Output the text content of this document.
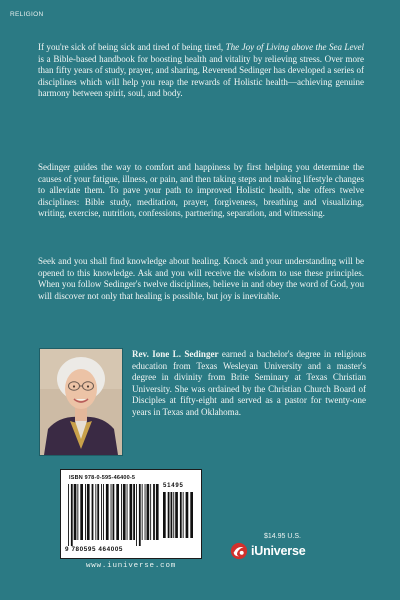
RELIGION

If you're sick of being sick and tired of being tired, The Joy of Living above the Sea Level is a Bible-based handbook for boosting health and vitality by relieving stress. Over more than fifty years of study, prayer, and sharing, Reverend Sedinger has developed a series of disciplines which will help you reap the rewards of Holistic health—achieving genuine harmony between spirit, soul, and body.

Sedinger guides the way to comfort and happiness by first helping you determine the causes of your fatigue, illness, or pain, and then taking steps and making lifestyle changes to alleviate them. To pave your path to improved Holistic health, she offers twelve disciplines: Bible study, meditation, prayer, forgiveness, breathing and visualizing, writing, exercise, nutrition, confessions, partnering, separation, and witnessing.

Seek and you shall find knowledge about healing. Knock and your understanding will be opened to this knowledge. Ask and you will receive the wisdom to use these principles. When you follow Sedinger's twelve disciplines, believe in and obey the word of God, you will discover not only that healing is possible, but joy is inevitable.

Rev. Ione L. Sedinger earned a bachelor's degree in religious education from Texas Wesleyan University and a master's degree in divinity from Brite Seminary at Texas Christian University. She was ordained by the Christian Church Board of Disciples at fifty-eight and served as a pastor for twenty-one years in Texas and Oklahoma.

ISBN 978-0-595-46400-5
51495
9 780595 464005
www.iuniverse.com
$14.95 U.S.
iUniverse
